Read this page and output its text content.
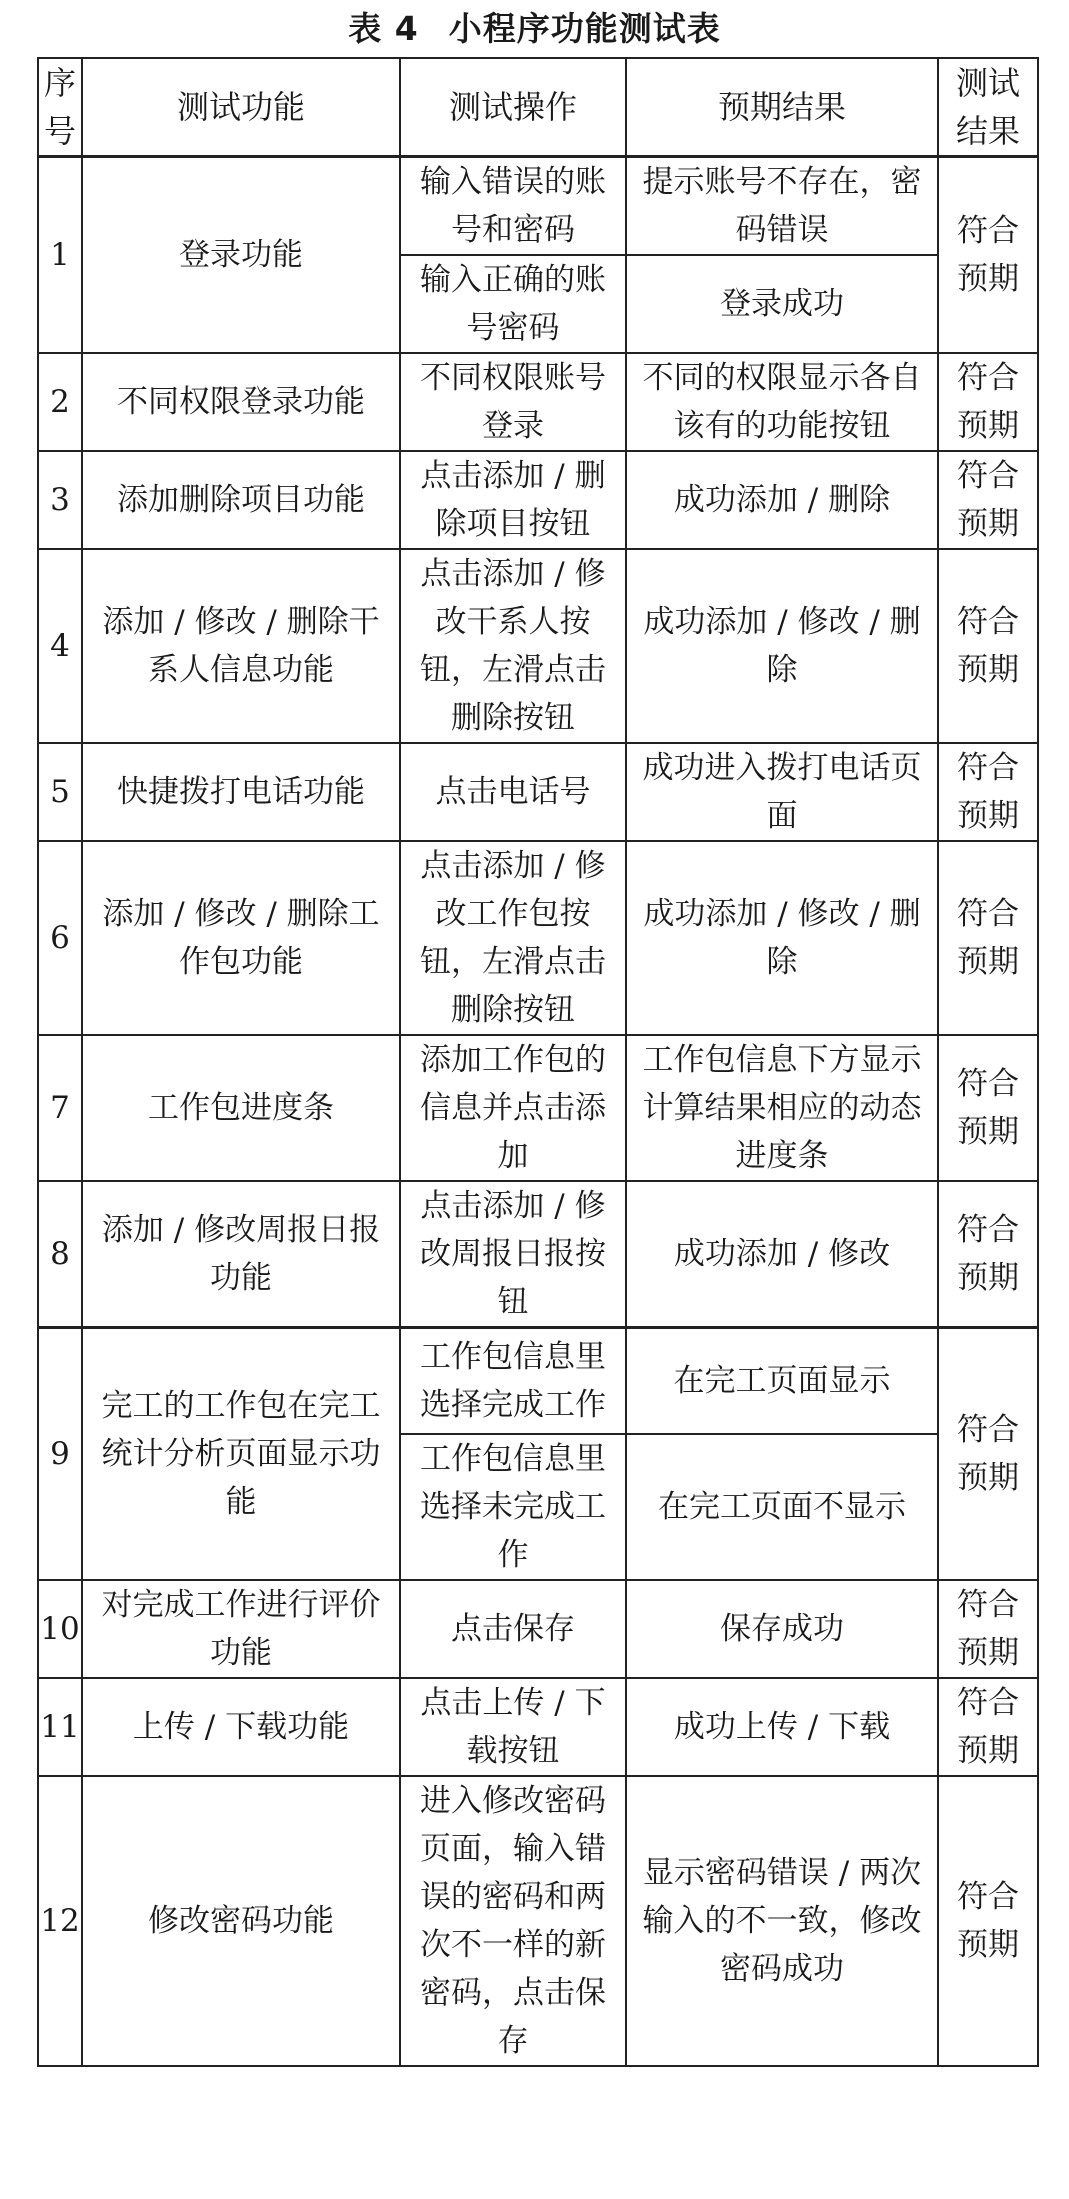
表 4 小程序功能测试表
序号	测试功能	测试操作	预期结果	测试结果
1	登录功能	输入错误的账号和密码	提示账号不存在，密码错误	符合预期
		输入正确的账号密码	登录成功	
2	不同权限登录功能	不同权限账号登录	不同的权限显示各自该有的功能按钮	符合预期
3	添加删除项目功能	点击添加 / 删除项目按钮	成功添加 / 删除	符合预期
4	添加 / 修改 / 删除干系人信息功能	点击添加 / 修改干系人按钮，左滑点击删除按钮	成功添加 / 修改 / 删除	符合预期
5	快捷拨打电话功能	点击电话号	成功进入拨打电话页面	符合预期
6	添加 / 修改 / 删除工作包功能	点击添加 / 修改工作包按钮，左滑点击删除按钮	成功添加 / 修改 / 删除	符合预期
7	工作包进度条	添加工作包的信息并点击添加	工作包信息下方显示计算结果相应的动态进度条	符合预期
8	添加 / 修改周报日报功能	点击添加 / 修改周报日报按钮	成功添加 / 修改	符合预期
9	完工的工作包在完工统计分析页面显示功能	工作包信息里选择完成工作	在完工页面显示	符合预期
		工作包信息里选择未完成工作	在完工页面不显示	
10	对完成工作进行评价功能	点击保存	保存成功	符合预期
11	上传 / 下载功能	点击上传 / 下载按钮	成功上传 / 下载	符合预期
12	修改密码功能	进入修改密码页面，输入错误的密码和两次不一样的新密码，点击保存	显示密码错误 / 两次输入的不一致，修改密码成功	符合预期
